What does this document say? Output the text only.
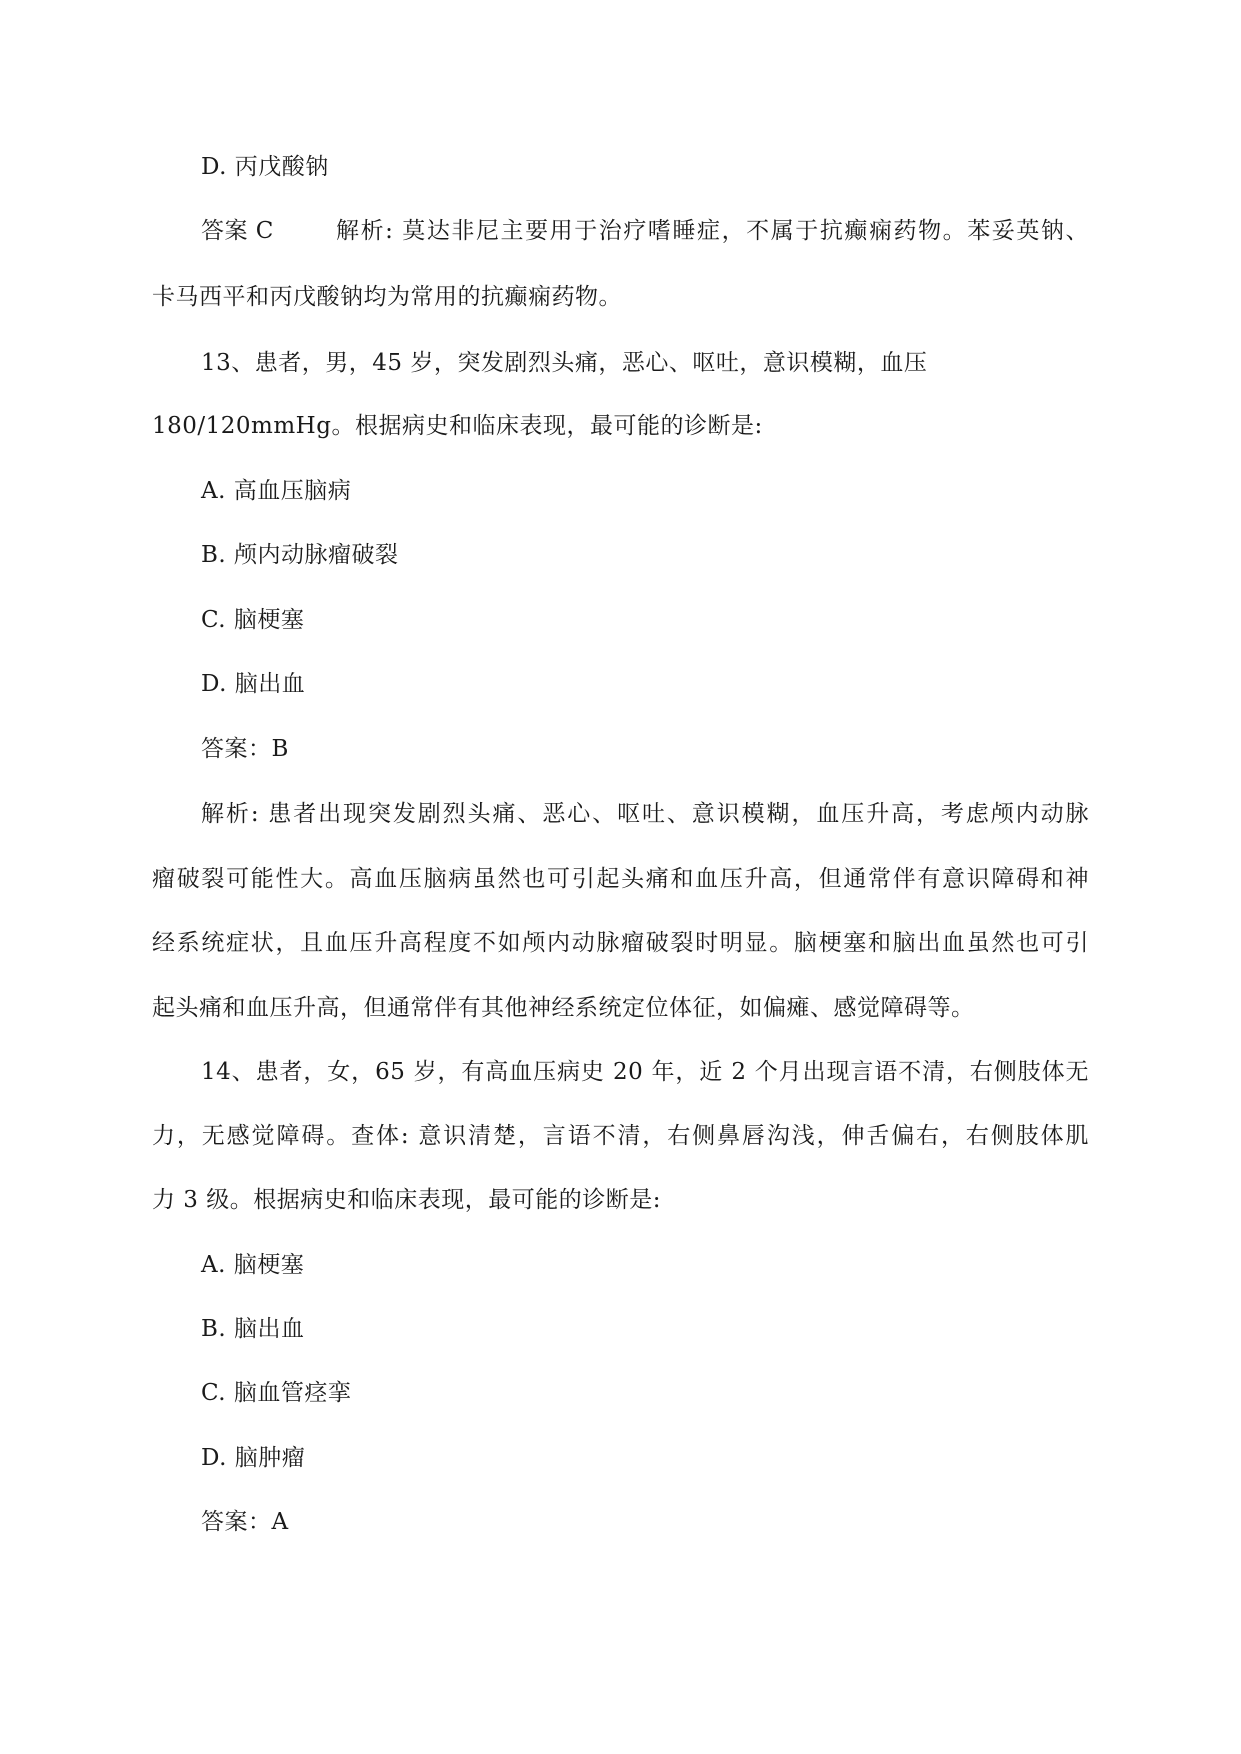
D. 丙戊酸钠
答案 C	解析: 莫达非尼主要用于治疗嗜睡症，不属于抗癫痫药物。苯妥英钠、
卡马西平和丙戊酸钠均为常用的抗癫痫药物。
13、患者，男，45 岁，突发剧烈头痛，恶心、呕吐，意识模糊，血压
180/120mmHg。根据病史和临床表现，最可能的诊断是:
A. 高血压脑病
B. 颅内动脉瘤破裂
C. 脑梗塞
D. 脑出血
答案：B
解析: 患者出现突发剧烈头痛、恶心、呕吐、意识模糊，血压升高，考虑颅内动脉
瘤破裂可能性大。高血压脑病虽然也可引起头痛和血压升高，但通常伴有意识障碍和神
经系统症状，且血压升高程度不如颅内动脉瘤破裂时明显。脑梗塞和脑出血虽然也可引
起头痛和血压升高，但通常伴有其他神经系统定位体征，如偏瘫、感觉障碍等。
14、患者，女，65 岁，有高血压病史 20 年，近 2 个月出现言语不清，右侧肢体无
力，无感觉障碍。查体: 意识清楚，言语不清，右侧鼻唇沟浅，伸舌偏右，右侧肢体肌
力 3 级。根据病史和临床表现，最可能的诊断是:
A. 脑梗塞
B. 脑出血
C. 脑血管痉挛
D. 脑肿瘤
答案：A
